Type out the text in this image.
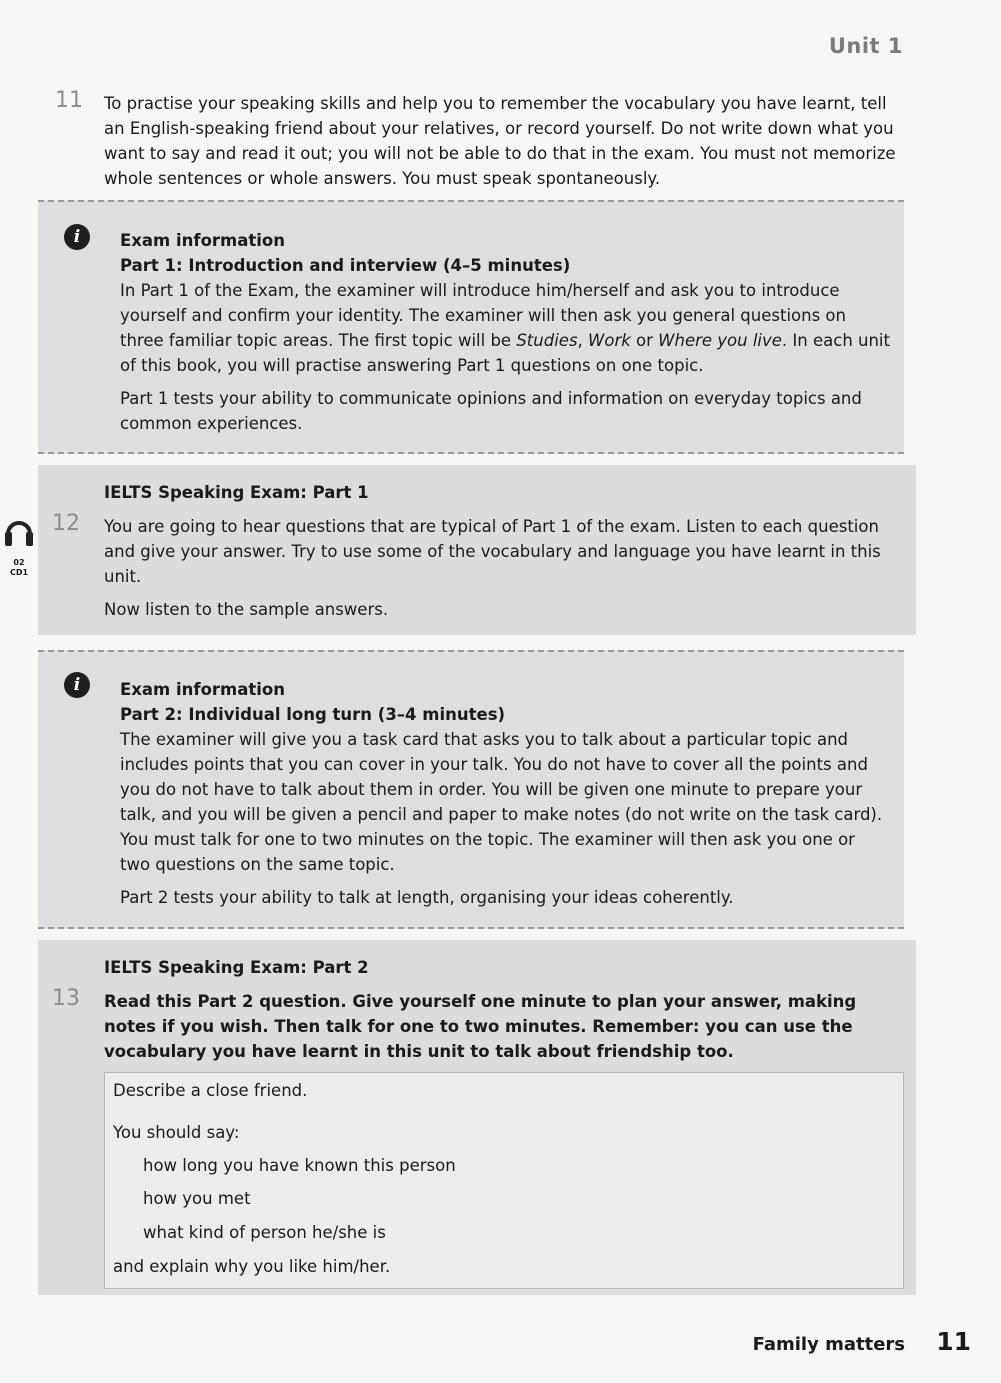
Unit 1
11 To practise your speaking skills and help you to remember the vocabulary you have learnt, tell an English-speaking friend about your relatives, or record yourself. Do not write down what you want to say and read it out; you will not be able to do that in the exam. You must not memorize whole sentences or whole answers. You must speak spontaneously.
i	Exam information

Part 1: Introduction and interview (4–5 minutes)

In Part 1 of the Exam, the examiner will introduce him/herself and ask you to introduce yourself and confirm your identity. The examiner will then ask you general questions on three familiar topic areas. The first topic will be Studies, Work or Where you live. In each unit of this book, you will practise answering Part 1 questions on one topic.

Part 1 tests your ability to communicate opinions and information on everyday topics and common experiences.

IELTS Speaking Exam: Part 1
12 You are going to hear questions that are typical of Part 1 of the exam. Listen to each question and give your answer. Try to use some of the vocabulary and language you have learnt in this unit.
Now listen to the sample answers.
02
CD1
i	Exam information

Part 2: Individual long turn (3–4 minutes)

The examiner will give you a task card that asks you to talk about a particular topic and includes points that you can cover in your talk. You do not have to cover all the points and you do not have to talk about them in order. You will be given one minute to prepare your talk, and you will be given a pencil and paper to make notes (do not write on the task card). You must talk for one to two minutes on the topic. The examiner will then ask you one or two questions on the same topic.

Part 2 tests your ability to talk at length, organising your ideas coherently.

IELTS Speaking Exam: Part 2
13 Read this Part 2 question. Give yourself one minute to plan your answer, making notes if you wish. Then talk for one to two minutes. Remember: you can use the vocabulary you have learnt in this unit to talk about friendship too.

Describe a close friend.

You should say:

how long you have known this person

how you met

what kind of person he/she is

and explain why you like him/her.

Family matters 11
